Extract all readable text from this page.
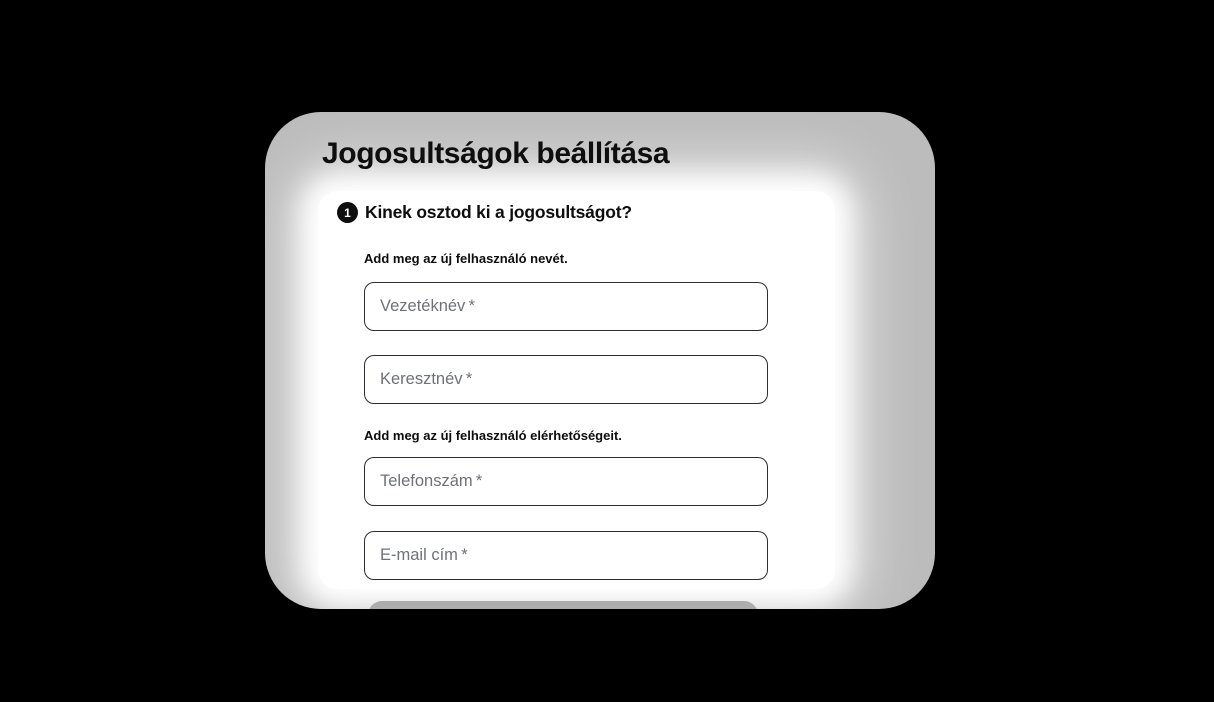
Jogosultságok beállítása
1 Kinek osztod ki a jogosultságot?
Add meg az új felhasználó nevét.
Vezetéknév *
Keresztnév *
Add meg az új felhasználó elérhetőségeit.
Telefonszám *
E-mail cím *
